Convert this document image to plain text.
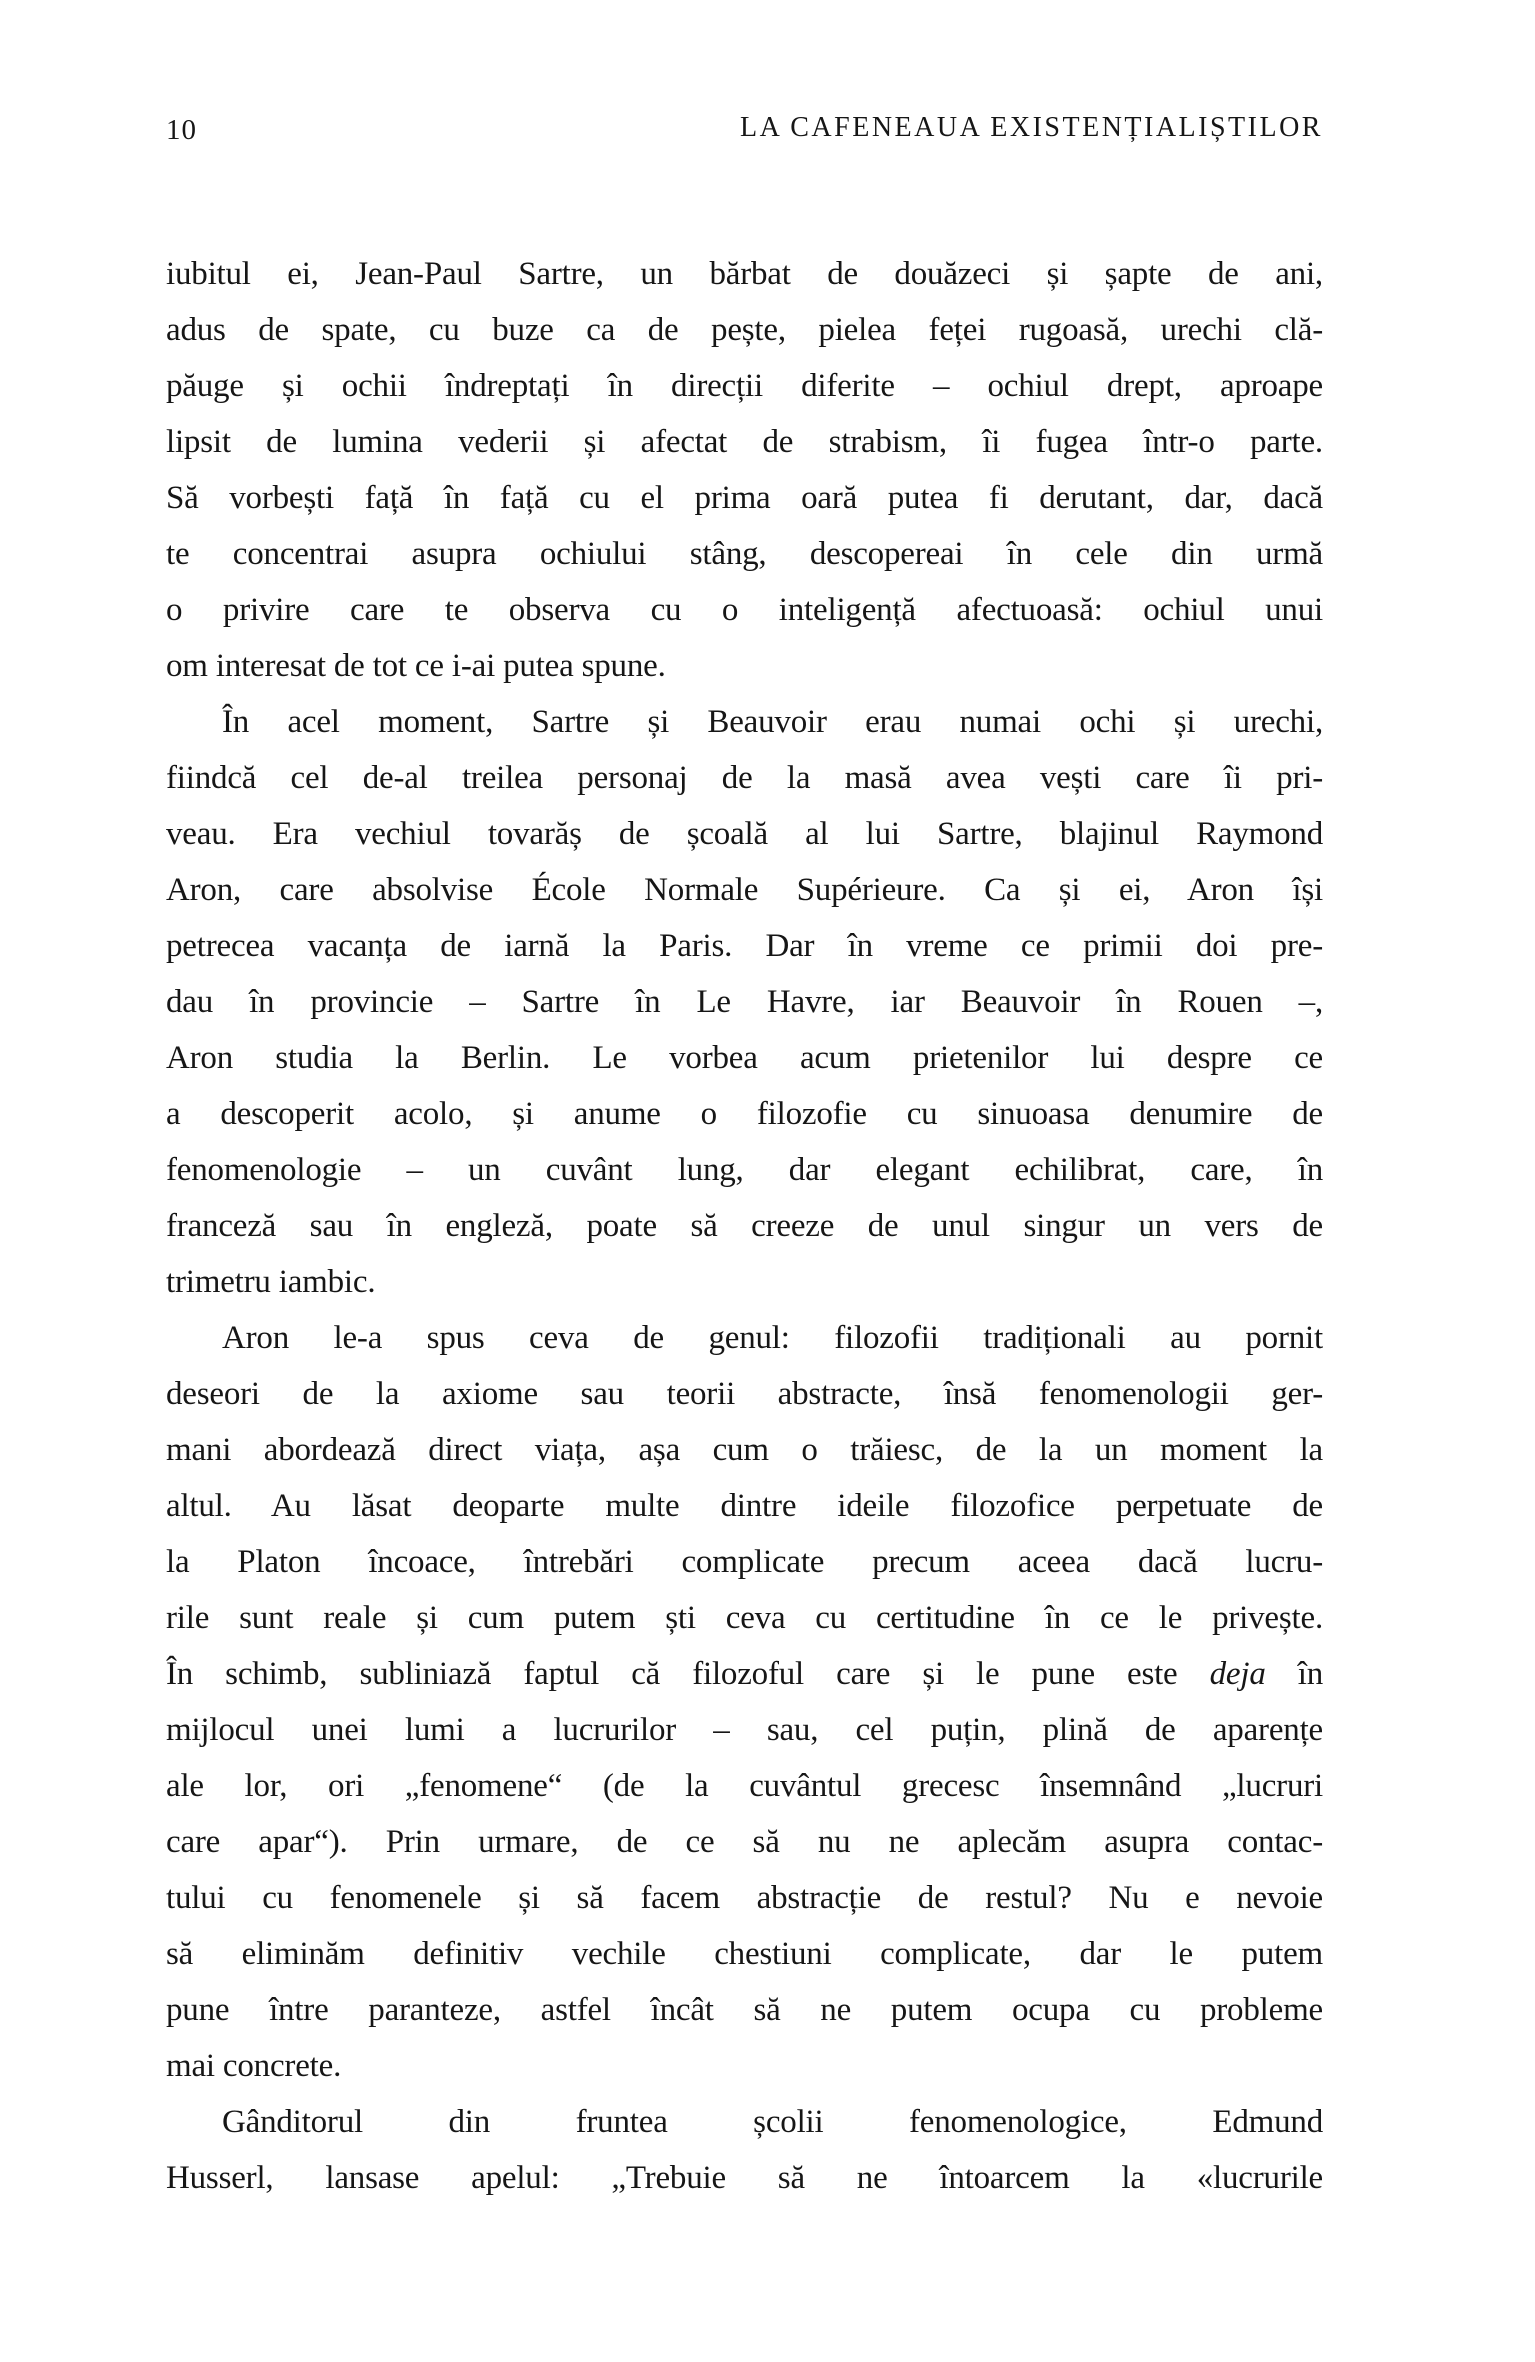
10	LA CAFENEAUA EXISTENȚIALIȘTILOR
iubitul ei, Jean-Paul Sartre, un bărbat de douăzeci și șapte de ani,
adus de spate, cu buze ca de pește, pielea feței rugoasă, urechi clă-
păuge și ochii îndreptați în direcții diferite – ochiul drept, aproape
lipsit de lumina vederii și afectat de strabism, îi fugea într-o parte.
Să vorbești față în față cu el prima oară putea fi derutant, dar, dacă
te concentrai asupra ochiului stâng, descopereai în cele din urmă
o privire care te observa cu o inteligență afectuoasă: ochiul unui
om interesat de tot ce i-ai putea spune.
În acel moment, Sartre și Beauvoir erau numai ochi și urechi,
fiindcă cel de-al treilea personaj de la masă avea vești care îi pri-
veau. Era vechiul tovarăș de școală al lui Sartre, blajinul Raymond
Aron, care absolvise École Normale Supérieure. Ca și ei, Aron își
petrecea vacanța de iarnă la Paris. Dar în vreme ce primii doi pre-
dau în provincie – Sartre în Le Havre, iar Beauvoir în Rouen –,
Aron studia la Berlin. Le vorbea acum prietenilor lui despre ce
a descoperit acolo, și anume o filozofie cu sinuoasa denumire de
fenomenologie – un cuvânt lung, dar elegant echilibrat, care, în
franceză sau în engleză, poate să creeze de unul singur un vers de
trimetru iambic.
Aron le-a spus ceva de genul: filozofii tradiționali au pornit
deseori de la axiome sau teorii abstracte, însă fenomenologii ger-
mani abordează direct viața, așa cum o trăiesc, de la un moment la
altul. Au lăsat deoparte multe dintre ideile filozofice perpetuate de
la Platon încoace, întrebări complicate precum aceea dacă lucru-
rile sunt reale și cum putem ști ceva cu certitudine în ce le privește.
În schimb, subliniază faptul că filozoful care și le pune este deja în
mijlocul unei lumi a lucrurilor – sau, cel puțin, plină de aparențe
ale lor, ori „fenomene“ (de la cuvântul grecesc însemnând „lucruri
care apar“). Prin urmare, de ce să nu ne aplecăm asupra contac-
tului cu fenomenele și să facem abstracție de restul? Nu e nevoie
să eliminăm definitiv vechile chestiuni complicate, dar le putem
pune între paranteze, astfel încât să ne putem ocupa cu probleme
mai concrete.
Gânditorul din fruntea școlii fenomenologice, Edmund
Husserl, lansase apelul: „Trebuie să ne întoarcem la «lucrurile
